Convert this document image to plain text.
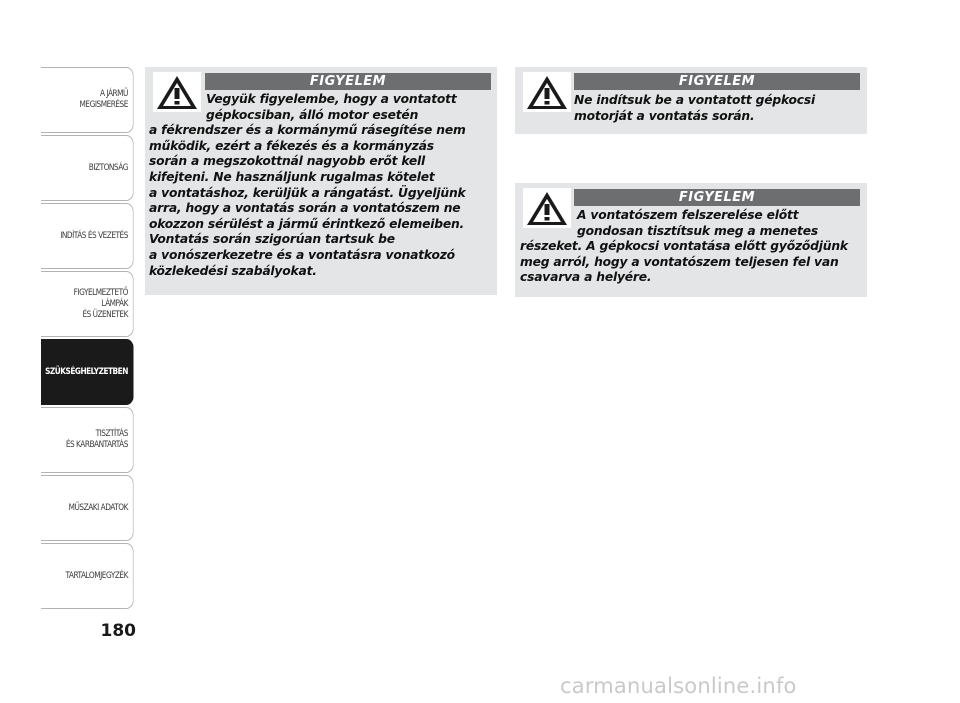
A JÁRMŰ
MEGISMERÉSE
BIZTONSÁG
INDÍTÁS ÉS VEZETÉS
FIGYELMEZTETŐ
LÁMPÁK
ÉS ÜZENETEK
SZÜKSÉGHELYZETBEN
TISZTÍTÁS
ÉS KARBANTARTÁS
MŰSZAKI ADATOK
TARTALOMJEGYZÉK
180
FIGYELEM
Vegyük figyelembe, hogy a vontatott
gépkocsiban, álló motor esetén
a fékrendszer és a kormánymű rásegítése nem
működik, ezért a fékezés és a kormányzás
során a megszokottnál nagyobb erőt kell
kifejteni. Ne használjunk rugalmas kötelet
a vontatáshoz, kerüljük a rángatást. Ügyeljünk
arra, hogy a vontatás során a vontatószem ne
okozzon sérülést a jármű érintkező elemeiben.
Vontatás során szigorúan tartsuk be
a vonószerkezetre és a vontatásra vonatkozó
közlekedési szabályokat.
FIGYELEM
Ne indítsuk be a vontatott gépkocsi
motorját a vontatás során.
FIGYELEM
A vontatószem felszerelése előtt
gondosan tisztítsuk meg a menetes
részeket. A gépkocsi vontatása előtt győződjünk
meg arról, hogy a vontatószem teljesen fel van
csavarva a helyére.
carmanualsonline.info
